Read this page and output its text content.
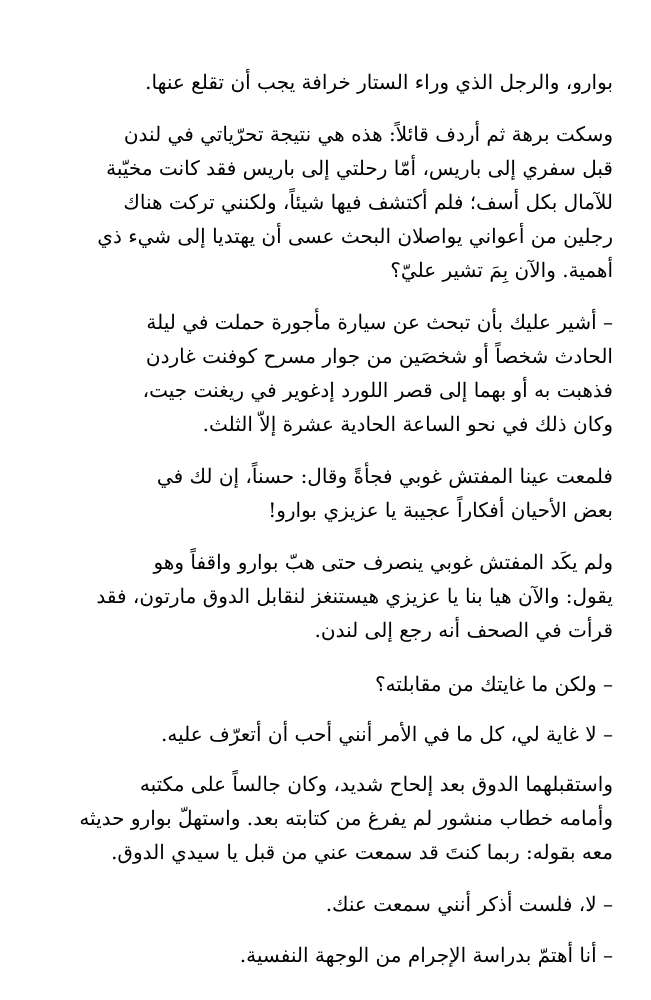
بوارو، والرجل الذي وراء الستار خرافة يجب أن تقلع عنها.
وسكت برهة ثم أردف قائلاً: هذه هي نتيجة تحرّياتي في لندن
قبل سفري إلى باريس، أمّا رحلتي إلى باريس فقد كانت مخيّبة
للآمال بكل أسف؛ فلم أكتشف فيها شيئاً، ولكنني تركت هناك
رجلين من أعواني يواصلان البحث عسى أن يهتديا إلى شيء ذي
أهمية. والآن بِمَ تشير عليّ؟
– أشير عليك بأن تبحث عن سيارة مأجورة حملت في ليلة
الحادث شخصاً أو شخصَين من جوار مسرح كوفنت غاردن
فذهبت به أو بهما إلى قصر اللورد إدغوير في ريغنت جيت،
وكان ذلك في نحو الساعة الحادية عشرة إلاّ الثلث.
فلمعت عينا المفتش غوبي فجأةً وقال: حسناً، إن لك في
بعض الأحيان أفكاراً عجيبة يا عزيزي بوارو!
ولم يكَد المفتش غوبي ينصرف حتى هبّ بوارو واقفاً وهو
يقول: والآن هيا بنا يا عزيزي هيستنغز لنقابل الدوق مارتون، فقد
قرأت في الصحف أنه رجع إلى لندن.
– ولكن ما غايتك من مقابلته؟
– لا غاية لي، كل ما في الأمر أنني أحب أن أتعرّف عليه.
واستقبلهما الدوق بعد إلحاح شديد، وكان جالساً على مكتبه
وأمامه خطاب منشور لم يفرغ من كتابته بعد. واستهلّ بوارو حديثه
معه بقوله: ربما كنتَ قد سمعت عني من قبل يا سيدي الدوق.
– لا، فلست أذكر أنني سمعت عنك.
– أنا أهتمّ بدراسة الإجرام من الوجهة النفسية.
